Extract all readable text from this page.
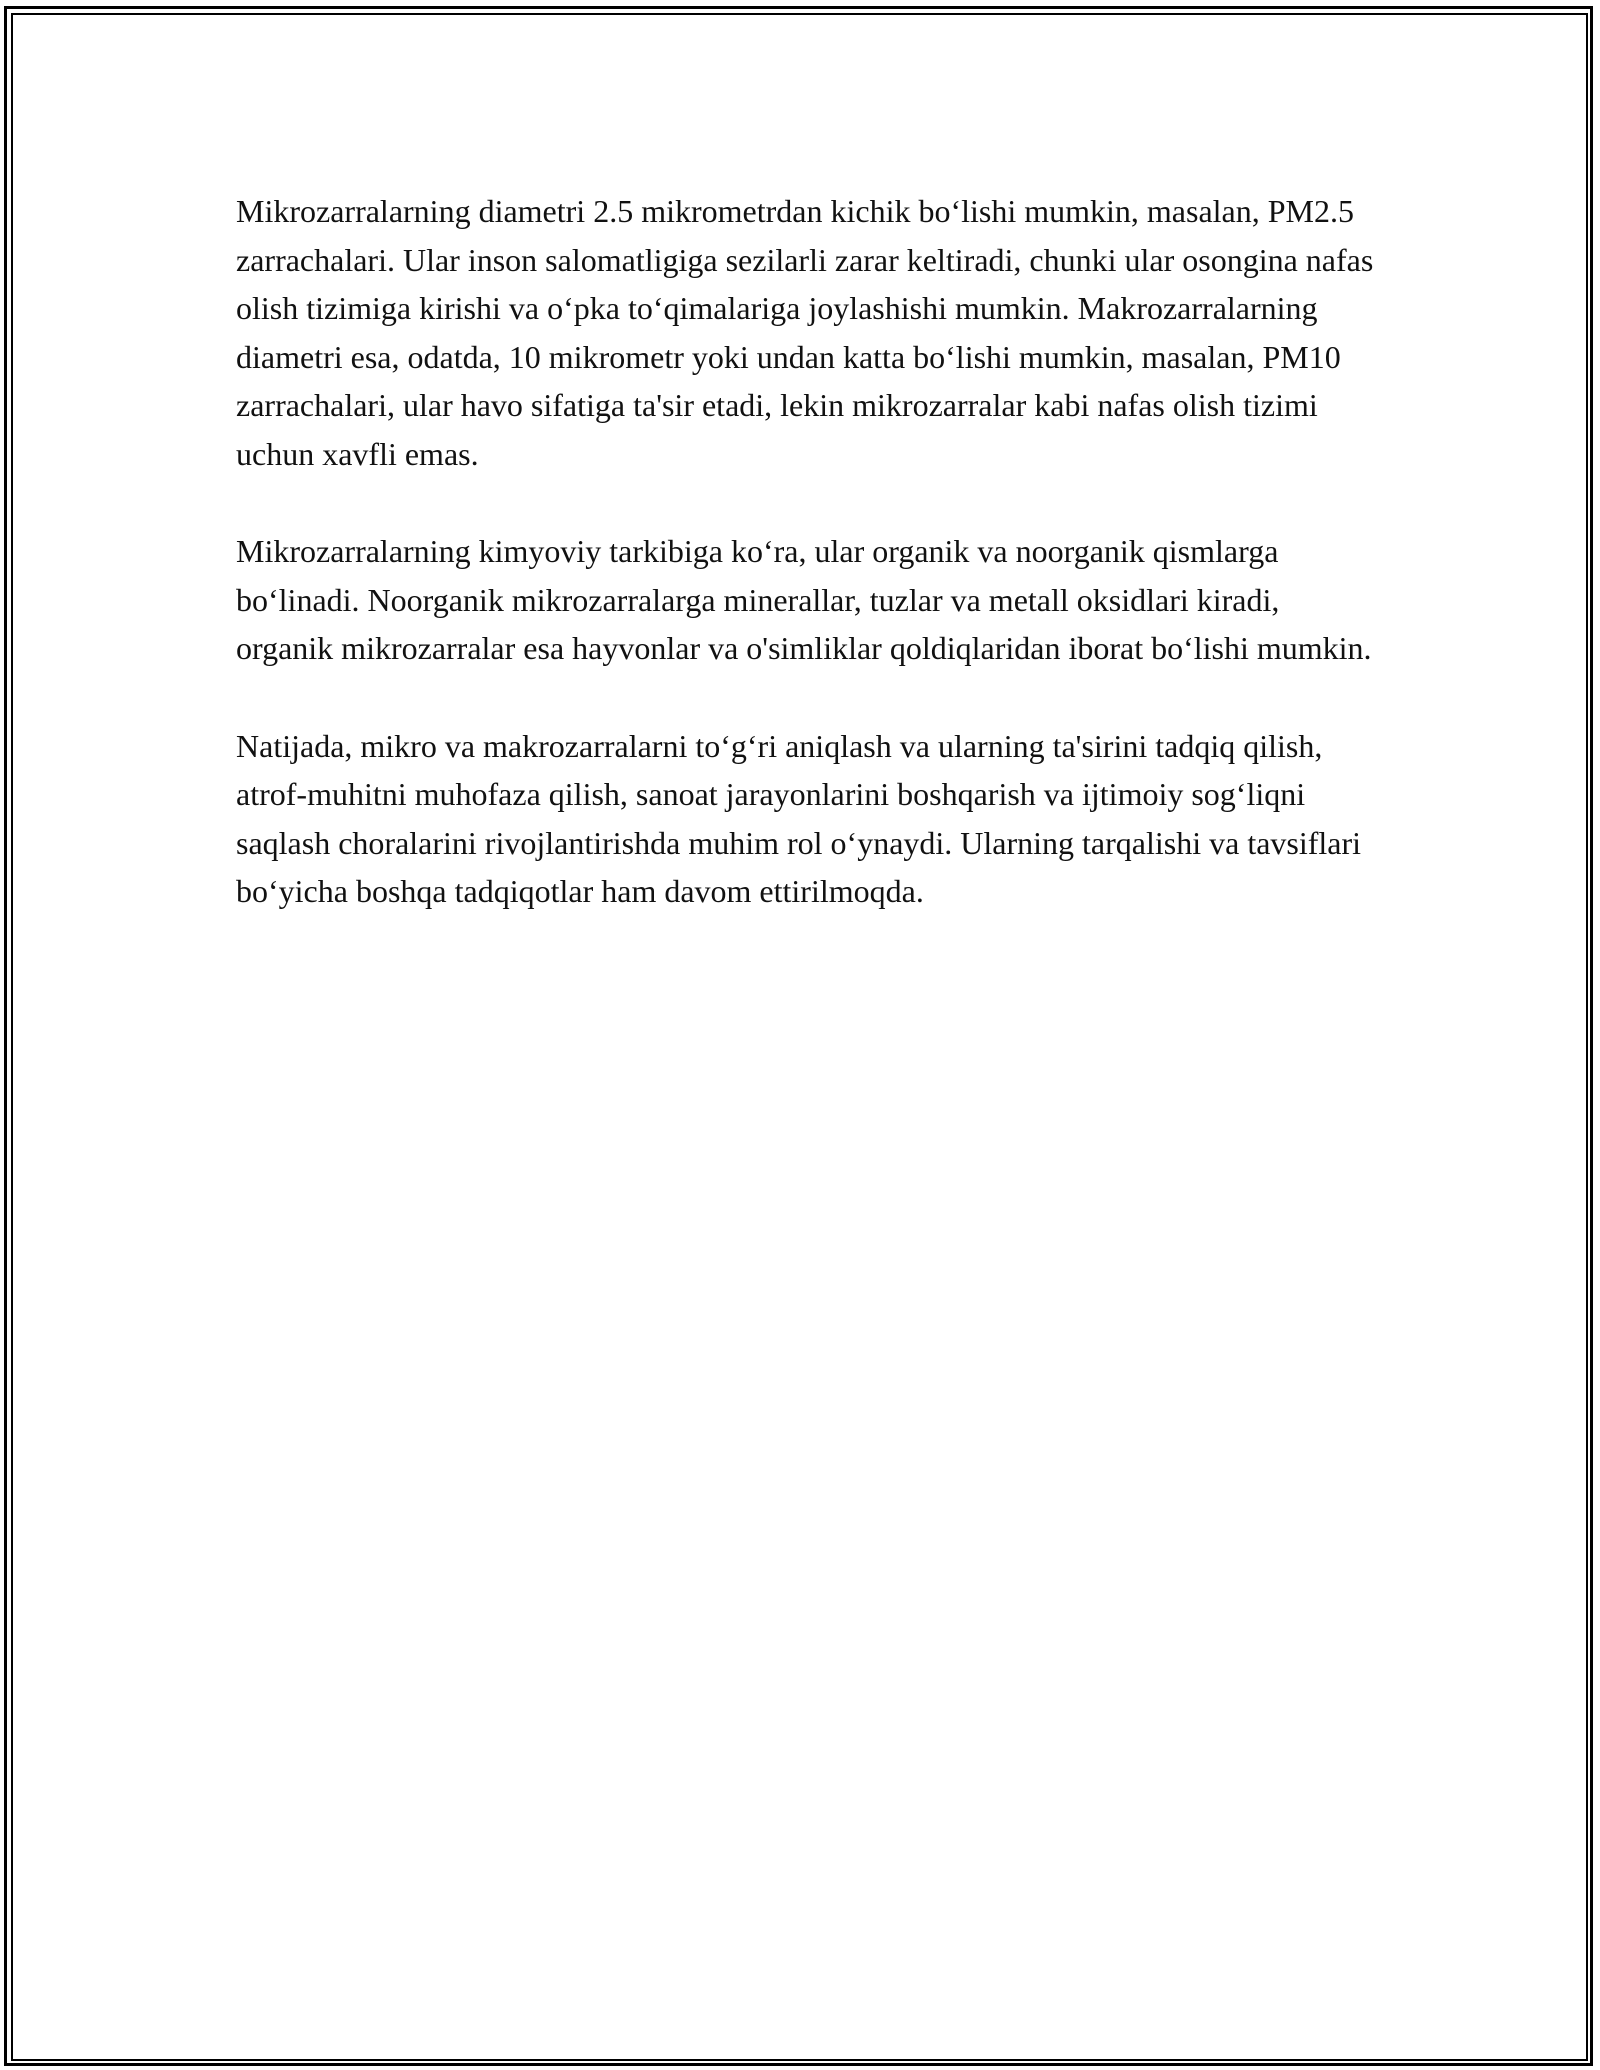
Mikrozarralarning diametri 2.5 mikrometrdan kichik bo‘lishi mumkin, masalan, PM2.5 zarrachalari. Ular inson salomatligiga sezilarli zarar keltiradi, chunki ular osongina nafas olish tizimiga kirishi va o‘pka to‘qimalariga joylashishi mumkin. Makrozarralarning diametri esa, odatda, 10 mikrometr yoki undan katta bo‘lishi mumkin, masalan, PM10 zarrachalari, ular havo sifatiga ta'sir etadi, lekin mikrozarralar kabi nafas olish tizimi uchun xavfli emas.

Mikrozarralarning kimyoviy tarkibiga ko‘ra, ular organik va noorganik qismlarga bo‘linadi. Noorganik mikrozarralarga minerallar, tuzlar va metall oksidlari kiradi, organik mikrozarralar esa hayvonlar va o'simliklar qoldiqlaridan iborat bo‘lishi mumkin.

Natijada, mikro va makrozarralarni to‘g‘ri aniqlash va ularning ta'sirini tadqiq qilish, atrof-muhitni muhofaza qilish, sanoat jarayonlarini boshqarish va ijtimoiy sog‘liqni saqlash choralarini rivojlantirishda muhim rol o‘ynaydi. Ularning tarqalishi va tavsiflari bo‘yicha boshqa tadqiqotlar ham davom ettirilmoqda.
